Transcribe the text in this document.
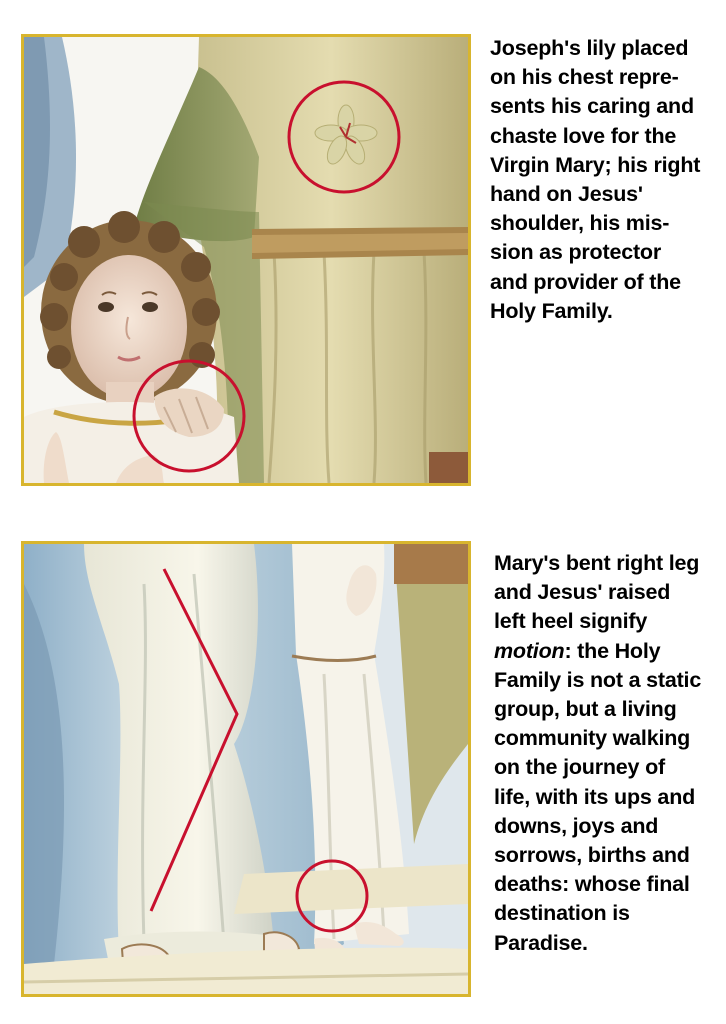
Joseph's lily placed
on his chest repre-
sents his caring and
chaste love for the
Virgin Mary; his right
hand on Jesus'
shoulder, his mis-
sion as protector
and provider of the
Holy Family.
Mary's bent right leg
and Jesus' raised
left heel signify
motion: the Holy
Family is not a static
group, but a living
community walking
on the journey of
life, with its ups and
downs, joys and
sorrows, births and
deaths: whose final
destination is
Paradise.
